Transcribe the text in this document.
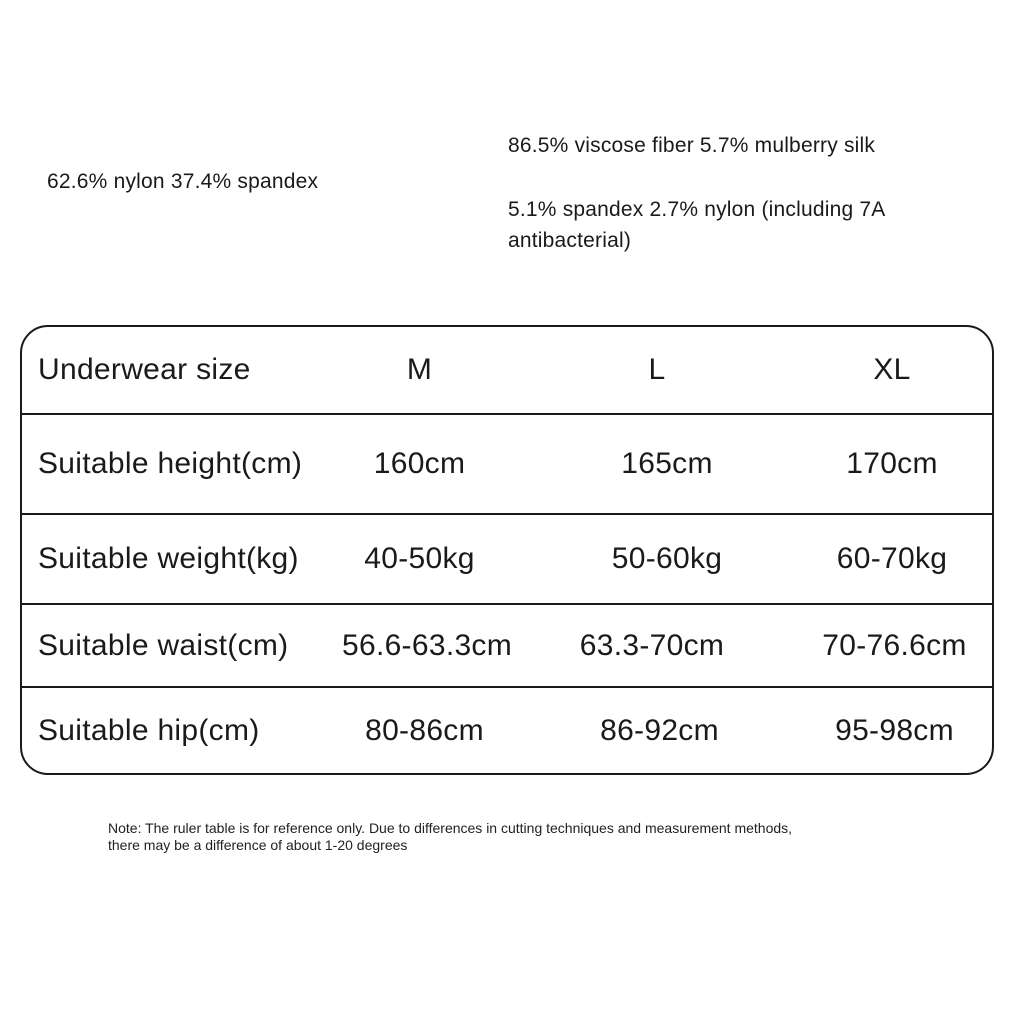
62.6% nylon 37.4% spandex
86.5% viscose fiber 5.7% mulberry silk
5.1% spandex 2.7% nylon (including 7A antibacterial)
Underwear size	M	L	XL
Suitable height(cm)	160cm	165cm	170cm
Suitable weight(kg)	40-50kg	50-60kg	60-70kg
Suitable waist(cm) 56.6-63.3cm	63.3-70cm	70-76.6cm
Suitable hip(cm)	80-86cm	86-92cm	95-98cm
Note: The ruler table is for reference only. Due to differences in cutting techniques and measurement methods,
there may be a difference of about 1-20 degrees
